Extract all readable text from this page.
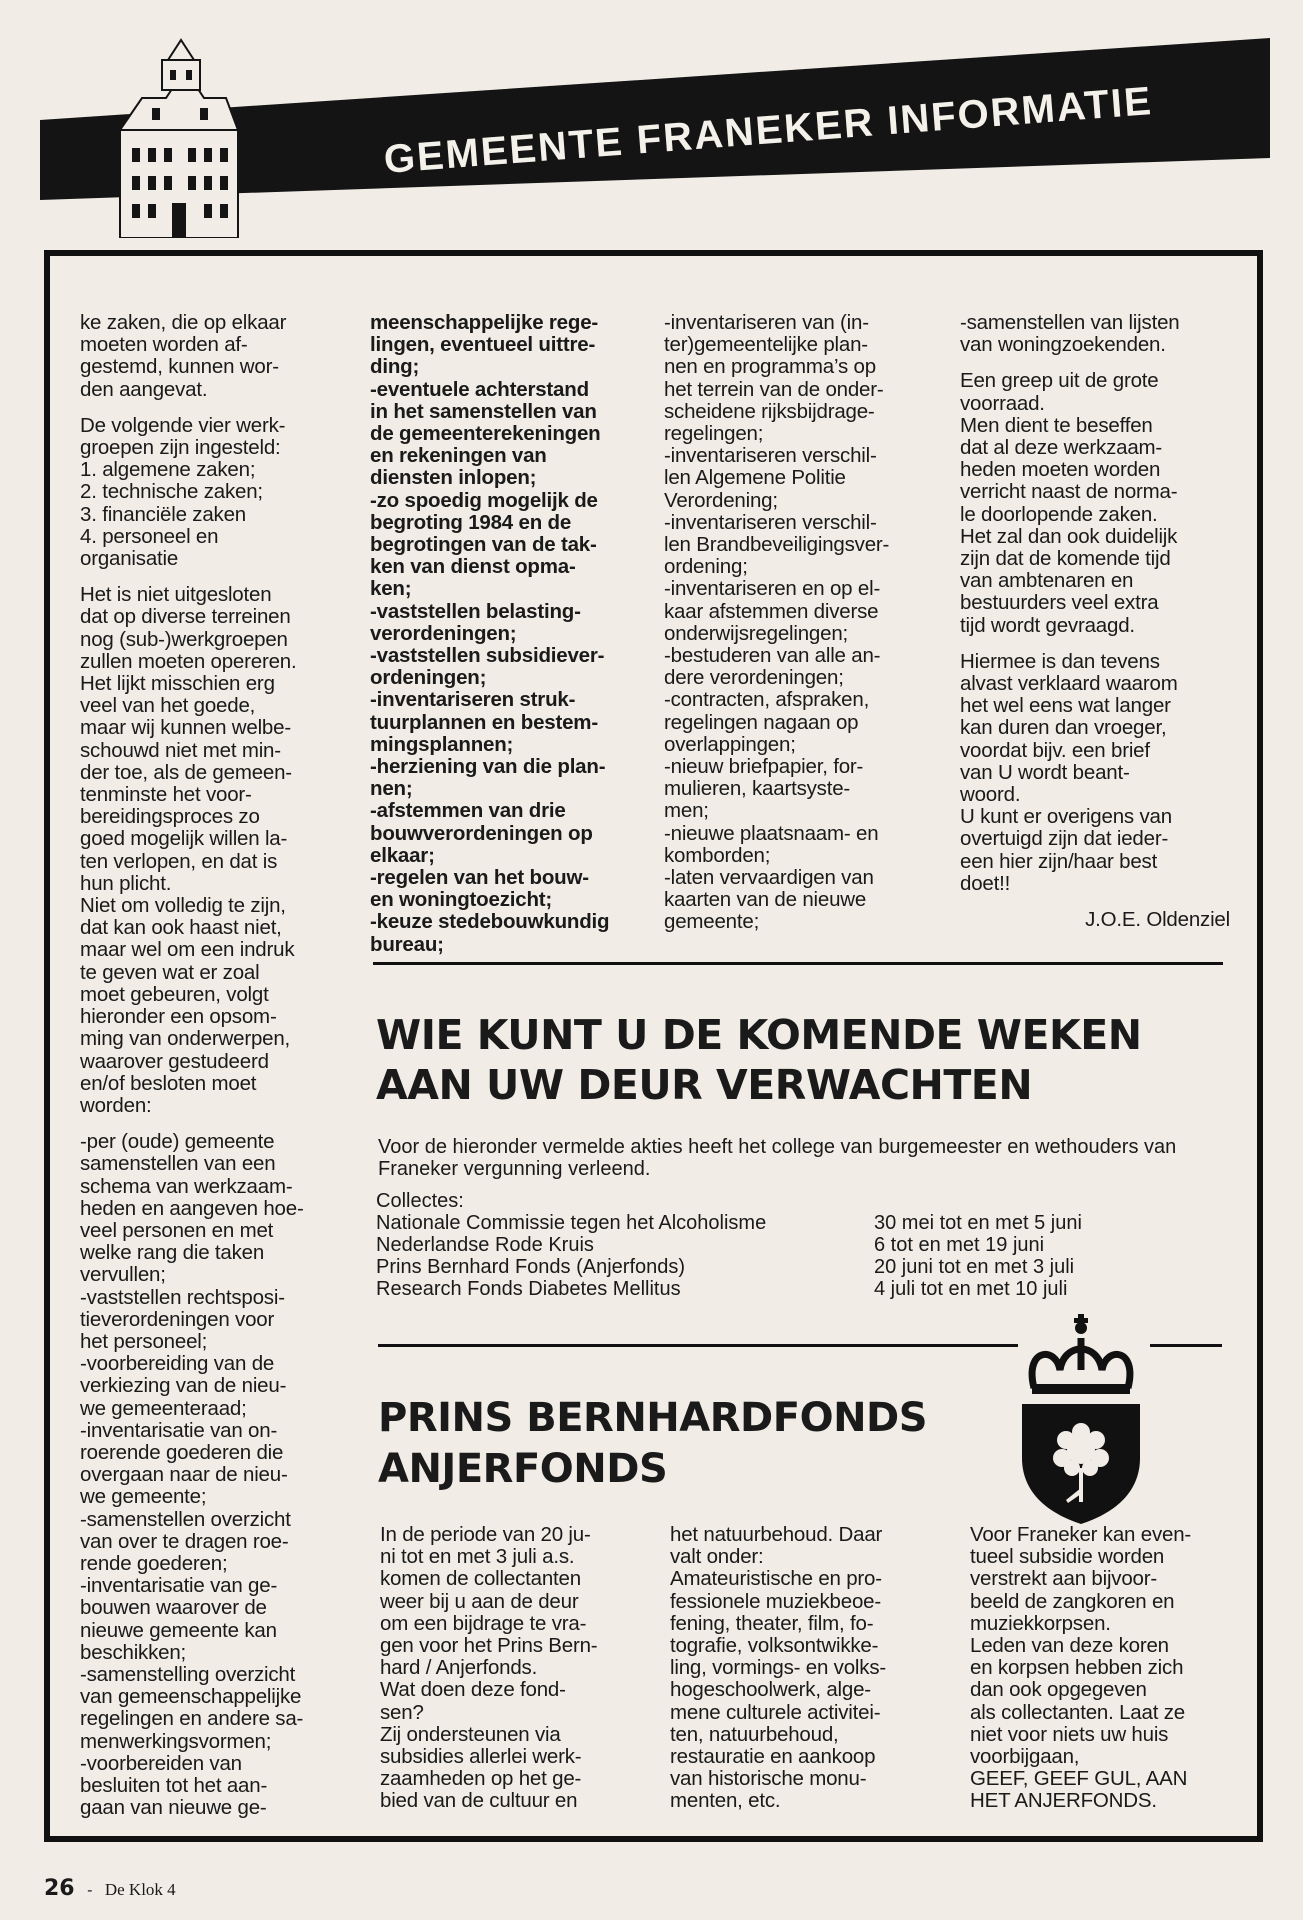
GEMEENTE FRANEKER INFORMATIE

ke zaken, die op elkaar
moeten worden af-
gestemd, kunnen wor-
den aangevat.

De volgende vier werk-
groepen zijn ingesteld:
1. algemene zaken;
2. technische zaken;
3. financiële zaken
4. personeel en
organisatie

Het is niet uitgesloten
dat op diverse terreinen
nog (sub-)werkgroepen
zullen moeten opereren.
Het lijkt misschien erg
veel van het goede,
maar wij kunnen welbe-
schouwd niet met min-
der toe, als de gemeen-
tenminste het voor-
bereidingsproces zo
goed mogelijk willen la-
ten verlopen, en dat is
hun plicht.
Niet om volledig te zijn,
dat kan ook haast niet,
maar wel om een indruk
te geven wat er zoal
moet gebeuren, volgt
hieronder een opsom-
ming van onderwerpen,
waarover gestudeerd
en/of besloten moet
worden:

-per (oude) gemeente
samenstellen van een
schema van werkzaam-
heden en aangeven hoe-
veel personen en met
welke rang die taken
vervullen;
-vaststellen rechtsposi-
tieverordeningen voor
het personeel;
-voorbereiding van de
verkiezing van de nieu-
we gemeenteraad;
-inventarisatie van on-
roerende goederen die
overgaan naar de nieu-
we gemeente;
-samenstellen overzicht
van over te dragen roe-
rende goederen;
-inventarisatie van ge-
bouwen waarover de
nieuwe gemeente kan
beschikken;
-samenstelling overzicht
van gemeenschappelijke
regelingen en andere sa-
menwerkingsvormen;
-voorbereiden van
besluiten tot het aan-
gaan van nieuwe ge-

meenschappelijke rege-
lingen, eventueel uittre-
ding;
-eventuele achterstand
in het samenstellen van
de gemeenterekeningen
en rekeningen van
diensten inlopen;
-zo spoedig mogelijk de
begroting 1984 en de
begrotingen van de tak-
ken van dienst opma-
ken;
-vaststellen belasting-
verordeningen;
-vaststellen subsidiever-
ordeningen;
-inventariseren struk-
tuurplannen en bestem-
mingsplannen;
-herziening van die plan-
nen;
-afstemmen van drie
bouwverordeningen op
elkaar;
-regelen van het bouw-
en woningtoezicht;
-keuze stedebouwkundig
bureau;

-inventariseren van (in-
ter)gemeentelijke plan-
nen en programma’s op
het terrein van de onder-
scheidene rijksbijdrage-
regelingen;
-inventariseren verschil-
len Algemene Politie
Verordening;
-inventariseren verschil-
len Brandbeveiligingsver-
ordening;
-inventariseren en op el-
kaar afstemmen diverse
onderwijsregelingen;
-bestuderen van alle an-
dere verordeningen;
-contracten, afspraken,
regelingen nagaan op
overlappingen;
-nieuw briefpapier, for-
mulieren, kaartsyste-
men;
-nieuwe plaatsnaam- en
komborden;
-laten vervaardigen van
kaarten van de nieuwe
gemeente;

-samenstellen van lijsten
van woningzoekenden.

Een greep uit de grote
voorraad.
Men dient te beseffen
dat al deze werkzaam-
heden moeten worden
verricht naast de norma-
le doorlopende zaken.
Het zal dan ook duidelijk
zijn dat de komende tijd
van ambtenaren en
bestuurders veel extra
tijd wordt gevraagd.

Hiermee is dan tevens
alvast verklaard waarom
het wel eens wat langer
kan duren dan vroeger,
voordat bijv. een brief
van U wordt beant-
woord.
U kunt er overigens van
overtuigd zijn dat ieder-
een hier zijn/haar best
doet!!

J.O.E. Oldenziel
WIE KUNT U DE KOMENDE WEKEN
AAN UW DEUR VERWACHTEN

Voor de hieronder vermelde akties heeft het college van burgemeester en wethouders van Franeker vergunning verleend.

Collectes:
Nationale Commissie tegen het Alcoholisme	30 mei tot en met 5 juni
Nederlandse Rode Kruis	6 tot en met 19 juni
Prins Bernhard Fonds (Anjerfonds)	20 juni tot en met 3 juli
Research Fonds Diabetes Mellitus	4 juli tot en met 10 juli
PRINS BERNHARDFONDS
ANJERFONDS

In de periode van 20 ju-
ni tot en met 3 juli a.s.
komen de collectanten
weer bij u aan de deur
om een bijdrage te vra-
gen voor het Prins Bern-
hard / Anjerfonds.
Wat doen deze fond-
sen?
Zij ondersteunen via
subsidies allerlei werk-
zaamheden op het ge-
bied van de cultuur en

het natuurbehoud. Daar
valt onder:
Amateuristische en pro-
fessionele muziekbeoe-
fening, theater, film, fo-
tografie, volksontwikke-
ling, vormings- en volks-
hogeschoolwerk, alge-
mene culturele activitei-
ten, natuurbehoud,
restauratie en aankoop
van historische monu-
menten, etc.

Voor Franeker kan even-
tueel subsidie worden
verstrekt aan bijvoor-
beeld de zangkoren en
muziekkorpsen.
Leden van deze koren
en korpsen hebben zich
dan ook opgegeven
als collectanten. Laat ze
niet voor niets uw huis
voorbijgaan,
GEEF, GEEF GUL, AAN
HET ANJERFONDS.

26 - De Klok 4
